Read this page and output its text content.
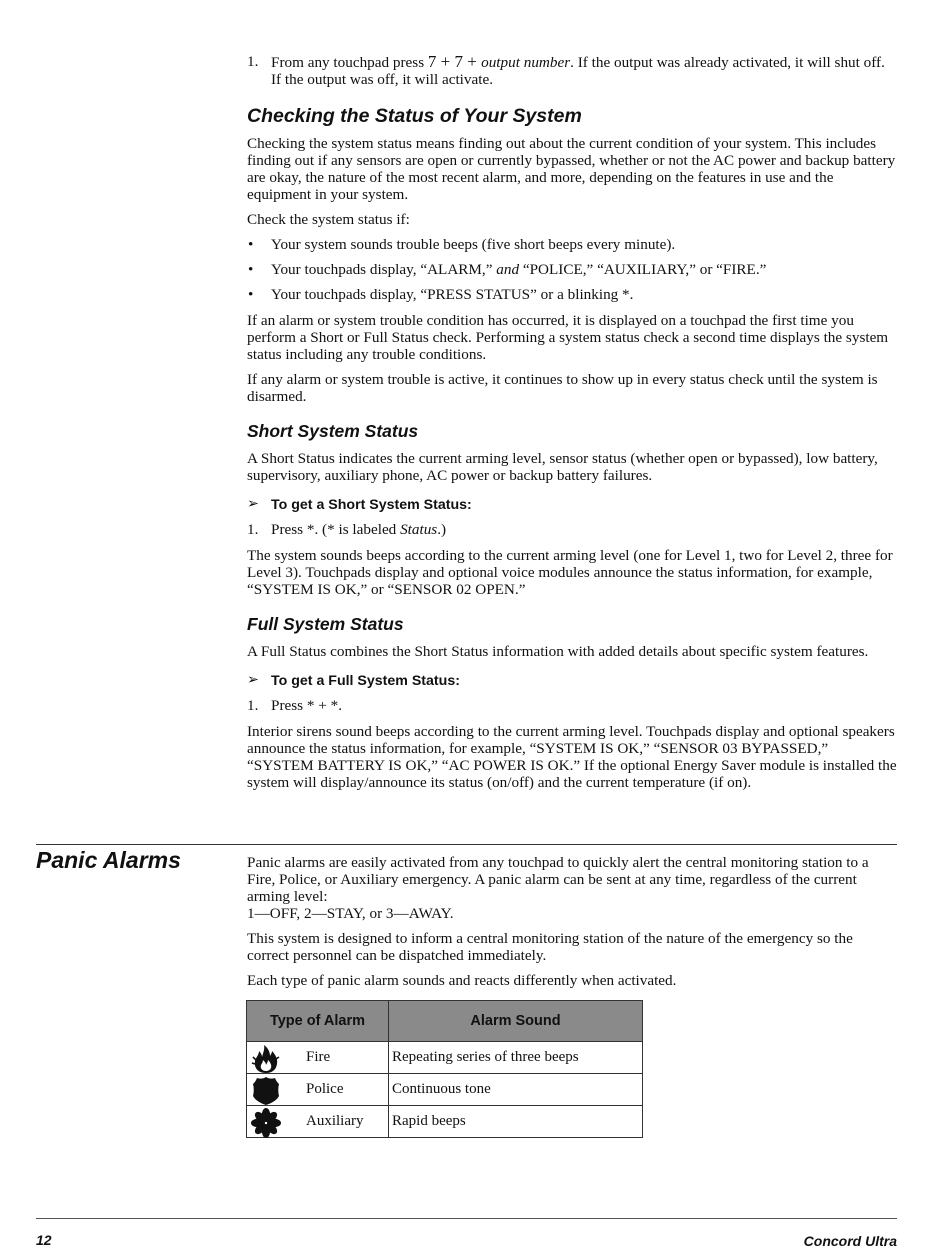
1. From any touchpad press 7 + 7 + output number. If the output was already activated, it will shut off. If the output was off, it will activate.
Checking the Status of Your System

Checking the system status means finding out about the current condition of your system. This includes finding out if any sensors are open or currently bypassed, whether or not the AC power and backup battery are okay, the nature of the most recent alarm, and more, depending on the features in use and the equipment in your system.

Check the system status if:

• Your system sounds trouble beeps (five short beeps every minute).
• Your touchpads display, “ALARM,” and “POLICE,” “AUXILIARY,” or “FIRE.”
• Your touchpads display, “PRESS STATUS” or a blinking *.

If an alarm or system trouble condition has occurred, it is displayed on a touchpad the first time you perform a Short or Full Status check. Performing a system status check a second time displays the system status including any trouble conditions.

If any alarm or system trouble is active, it continues to show up in every status check until the system is disarmed.

Short System Status

A Short Status indicates the current arming level, sensor status (whether open or bypassed), low battery, supervisory, auxiliary phone, AC power or backup battery failures.

➢ To get a Short System Status:
1. Press *. (* is labeled Status.)

The system sounds beeps according to the current arming level (one for Level 1, two for Level 2, three for Level 3). Touchpads display and optional voice modules announce the status information, for example, “SYSTEM IS OK,” or “SENSOR 02 OPEN.”

Full System Status

A Full Status combines the Short Status information with added details about specific system features.

➢ To get a Full System Status:
1. Press * + *.

Interior sirens sound beeps according to the current arming level. Touchpads display and optional speakers announce the status information, for example, “SYSTEM IS OK,” “SENSOR 03 BYPASSED,” “SYSTEM BATTERY IS OK,” “AC POWER IS OK.” If the optional Energy Saver module is installed the system will display/announce its status (on/off) and the current temperature (if on).

Panic Alarms	Panic alarms are easily activated from any touchpad to quickly alert the central monitoring station to a Fire, Police, or Auxiliary emergency. A panic alarm can be sent at any time, regardless of the current arming level:

1—OFF, 2—STAY, or 3—AWAY.

This system is designed to inform a central monitoring station of the nature of the emergency so the correct personnel can be dispatched immediately.

Each type of panic alarm sounds and reacts differently when activated.

Type of Alarm	Alarm Sound

Fire	Repeating series of three beeps

Police	Continuous tone

Auxiliary	Rapid beeps
12	Concord Ultra
